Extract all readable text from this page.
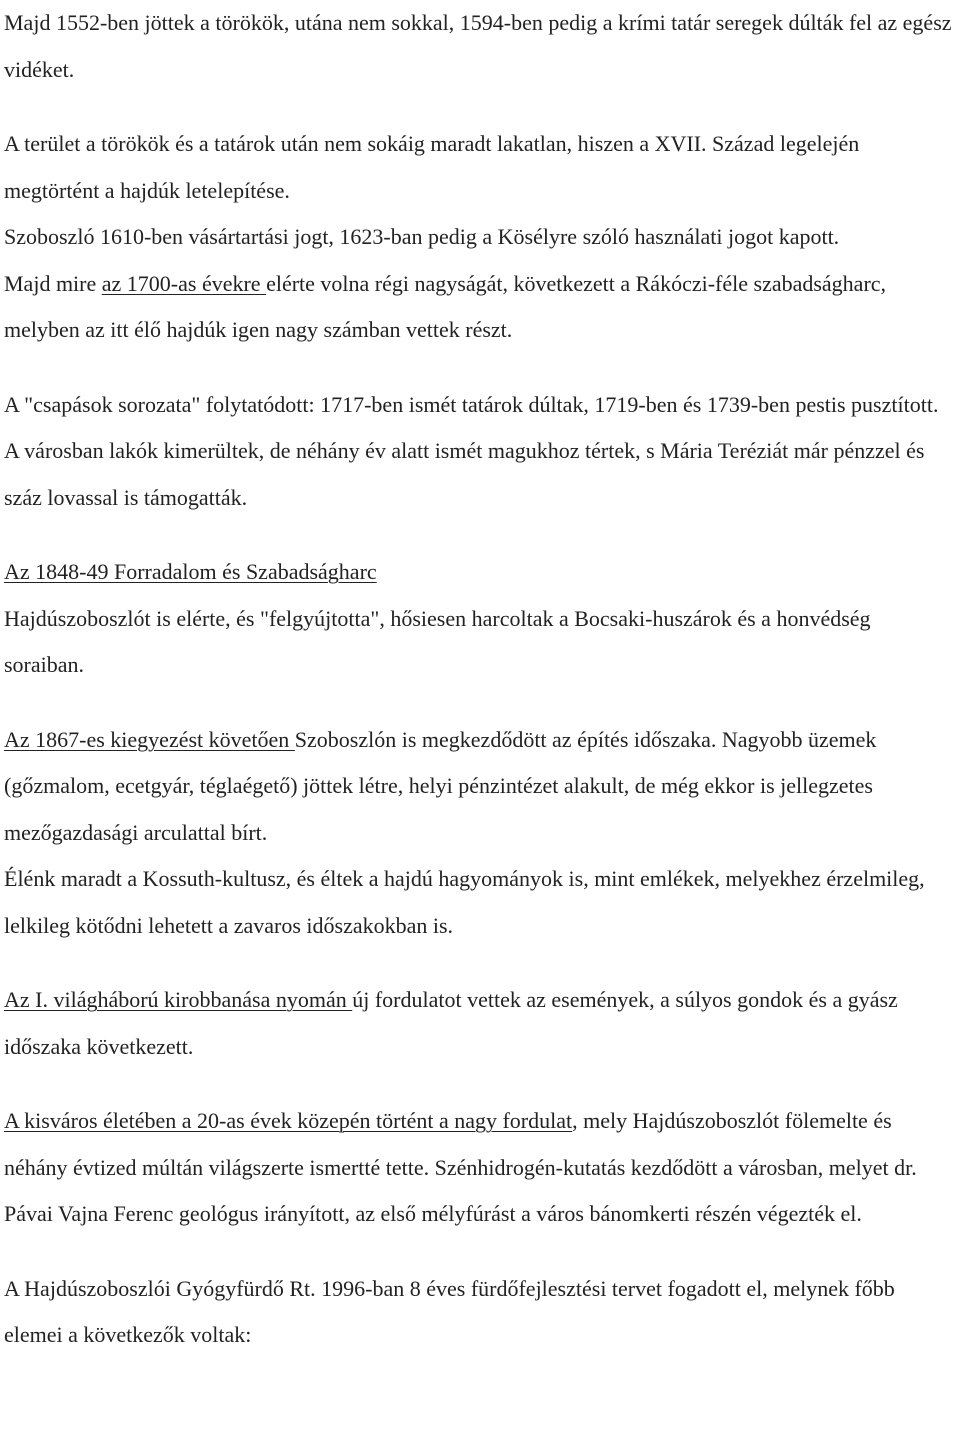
Majd 1552-ben jöttek a törökök, utána nem sokkal, 1594-ben pedig a krími tatár seregek dúlták fel az egész vidéket.

A terület a törökök és a tatárok után nem sokáig maradt lakatlan, hiszen a XVII. Század legelején megtörtént a hajdúk letelepítése.

Szoboszló 1610-ben vásártartási jogt, 1623-ban pedig a Kösélyre szóló használati jogot kapott.

Majd mire az 1700-as évekre elérte volna régi nagyságát, következett a Rákóczi-féle szabadságharc, melyben az itt élő hajdúk igen nagy számban vettek részt.

A "csapások sorozata" folytatódott: 1717-ben ismét tatárok dúltak, 1719-ben és 1739-ben pestis pusztított. A városban lakók kimerültek, de néhány év alatt ismét magukhoz tértek, s Mária Teréziát már pénzzel és száz lovassal is támogatták.

Az 1848-49 Forradalom és Szabadságharc

Hajdúszoboszlót is elérte, és "felgyújtotta", hősiesen harcoltak a Bocsaki-huszárok és a honvédség soraiban.

Az 1867-es kiegyezést követően Szoboszlón is megkezdődött az építés időszaka. Nagyobb üzemek (gőzmalom, ecetgyár, téglaégető) jöttek létre, helyi pénzintézet alakult, de még ekkor is jellegzetes mezőgazdasági arculattal bírt.

Élénk maradt a Kossuth-kultusz, és éltek a hajdú hagyományok is, mint emlékek, melyekhez érzelmileg, lelkileg kötődni lehetett a zavaros időszakokban is.

Az I. világháború kirobbanása nyomán új fordulatot vettek az események, a súlyos gondok és a gyász időszaka következett.

A kisváros életében a 20-as évek közepén történt a nagy fordulat, mely Hajdúszoboszlót fölemelte és néhány évtized múltán világszerte ismertté tette. Szénhidrogén-kutatás kezdődött a városban, melyet dr. Pávai Vajna Ferenc geológus irányított, az első mélyfúrást a város bánomkerti részén végezték el.

A Hajdúszoboszlói Gyógyfürdő Rt. 1996-ban 8 éves fürdőfejlesztési tervet fogadott el, melynek főbb elemei a következők voltak:
